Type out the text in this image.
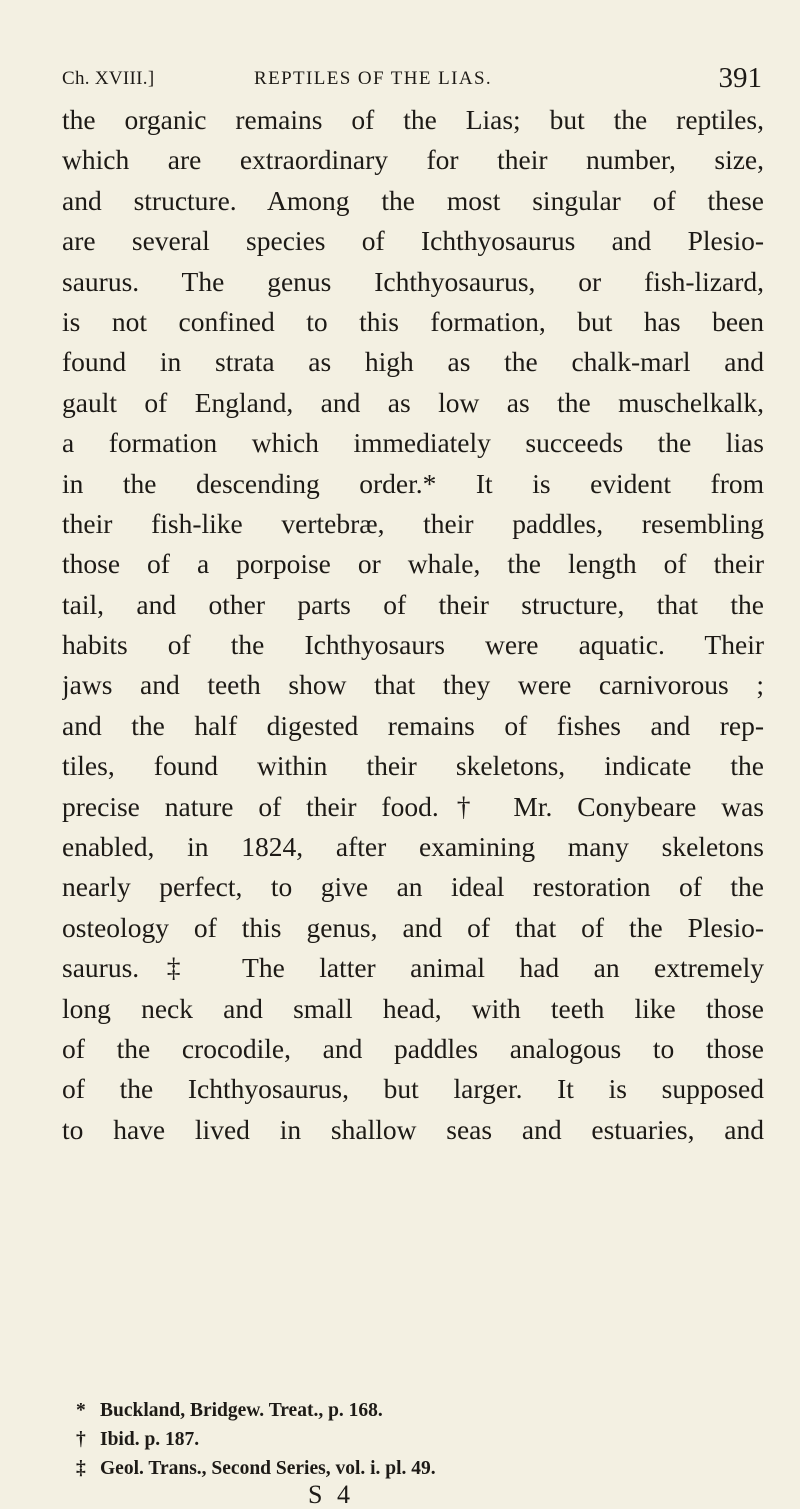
Ch. XVIII.]	REPTILES OF THE LIAS.	391
the organic remains of the Lias; but the reptiles,
which are extraordinary for their number, size,
and structure. Among the most singular of these
are several species of Ichthyosaurus and Plesio-
saurus. The genus Ichthyosaurus, or fish-lizard,
is not confined to this formation, but has been
found in strata as high as the chalk-marl and
gault of England, and as low as the muschelkalk,
a formation which immediately succeeds the lias
in the descending order.* It is evident from
their fish-like vertebræ, their paddles, resembling
those of a porpoise or whale, the length of their
tail, and other parts of their structure, that the
habits of the Ichthyosaurs were aquatic. Their
jaws and teeth show that they were carnivorous ;
and the half digested remains of fishes and rep-
tiles, found within their skeletons, indicate the
precise nature of their food.† Mr. Conybeare was
enabled, in 1824, after examining many skeletons
nearly perfect, to give an ideal restoration of the
osteology of this genus, and of that of the Plesio-
saurus.‡ The latter animal had an extremely
long neck and small head, with teeth like those
of the crocodile, and paddles analogous to those
of the Ichthyosaurus, but larger. It is supposed
to have lived in shallow seas and estuaries, and
* Buckland, Bridgew. Treat., p. 168.
† Ibid. p. 187.
‡ Geol. Trans., Second Series, vol. i. pl. 49.
S 4
